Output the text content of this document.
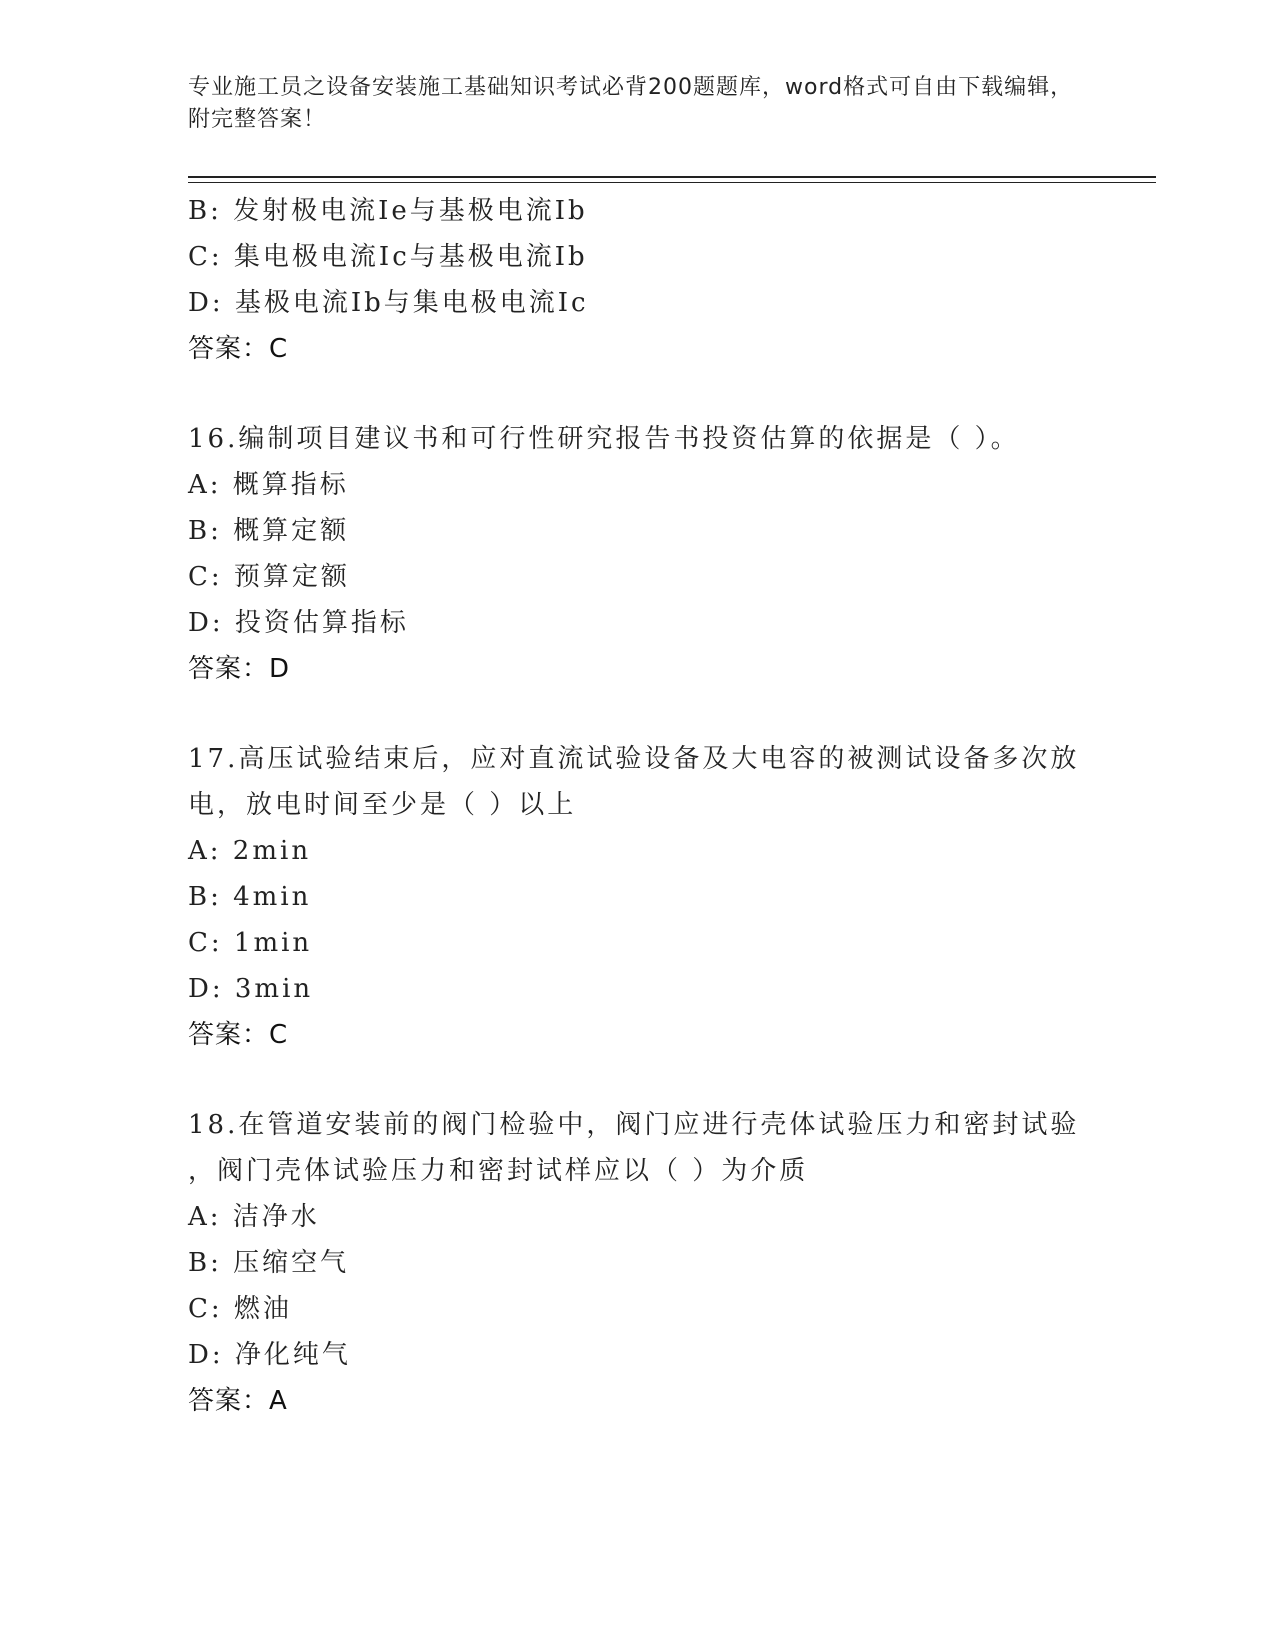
专业施工员之设备安装施工基础知识考试必背200题题库，word格式可自由下载编辑，附完整答案！
B: 发射极电流Ie与基极电流Ib
C: 集电极电流Ic与基极电流Ib
D: 基极电流Ib与集电极电流Ic
答案：C
16.编制项目建议书和可行性研究报告书投资估算的依据是（ ）。
A: 概算指标
B: 概算定额
C: 预算定额
D: 投资估算指标
答案：D
17.高压试验结束后，应对直流试验设备及大电容的被测试设备多次放
电，放电时间至少是（ ）以上
A: 2min
B: 4min
C: 1min
D: 3min
答案：C
18.在管道安装前的阀门检验中，阀门应进行壳体试验压力和密封试验
，阀门壳体试验压力和密封试样应以（ ）为介质
A: 洁净水
B: 压缩空气
C: 燃油
D: 净化纯气
答案：A
